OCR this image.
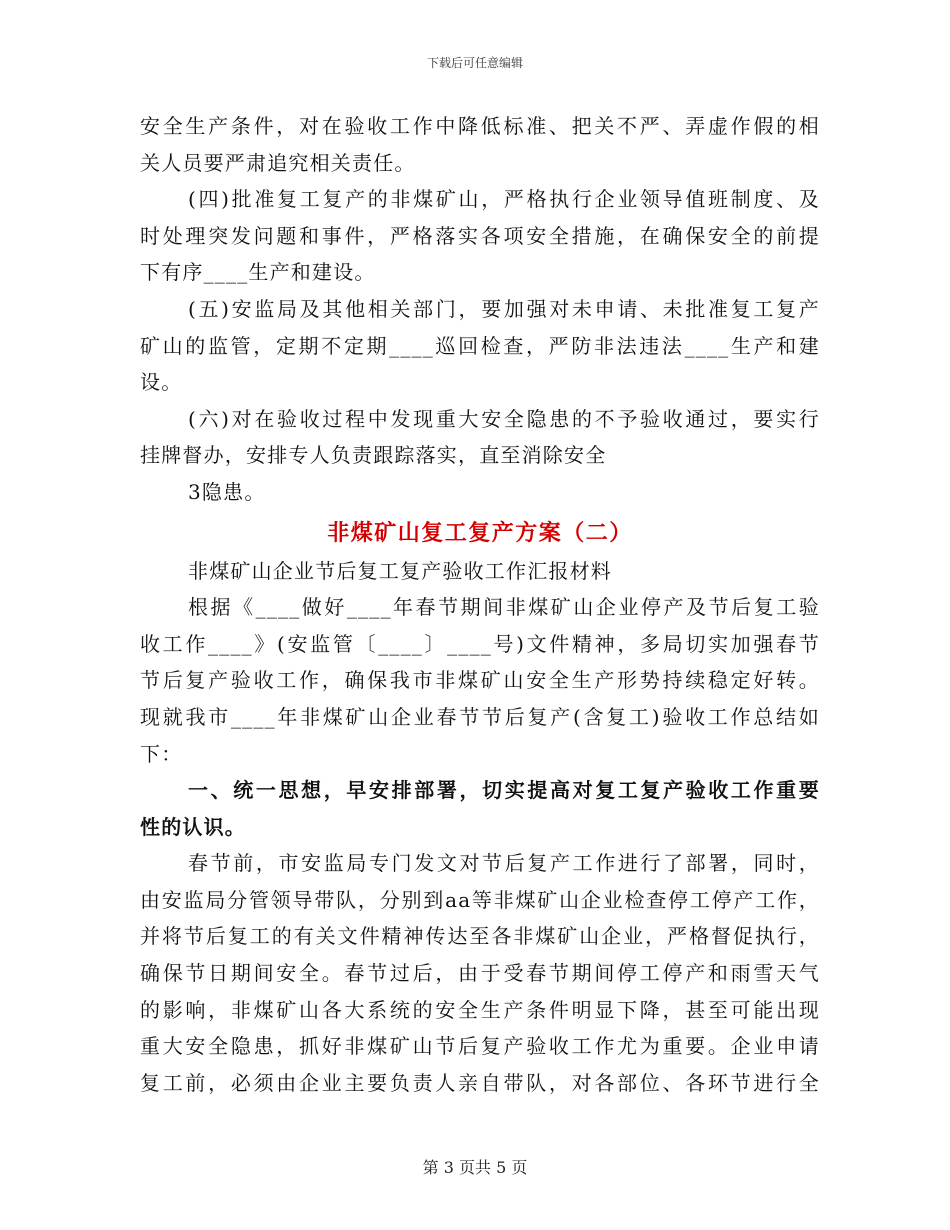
下载后可任意编辑
安全生产条件，对在验收工作中降低标准、把关不严、弄虚作假的相
关人员要严肃追究相关责任。
(四)批准复工复产的非煤矿山，严格执行企业领导值班制度、及
时处理突发问题和事件，严格落实各项安全措施，在确保安全的前提
下有序____生产和建设。
(五)安监局及其他相关部门，要加强对未申请、未批准复工复产
矿山的监管，定期不定期____巡回检查，严防非法违法____生产和建
设。
(六)对在验收过程中发现重大安全隐患的不予验收通过，要实行
挂牌督办，安排专人负责跟踪落实，直至消除安全
3隐患。
非煤矿山复工复产方案（二）
非煤矿山企业节后复工复产验收工作汇报材料
根据《____做好____年春节期间非煤矿山企业停产及节后复工验
收工作____》(安监管〔____〕____号)文件精神，多局切实加强春节
节后复产验收工作，确保我市非煤矿山安全生产形势持续稳定好转。
现就我市____年非煤矿山企业春节节后复产(含复工)验收工作总结如
下：
一、统一思想，早安排部署，切实提高对复工复产验收工作重要
性的认识。
春节前，市安监局专门发文对节后复产工作进行了部署，同时，
由安监局分管领导带队，分别到aa等非煤矿山企业检查停工停产工作，
并将节后复工的有关文件精神传达至各非煤矿山企业，严格督促执行，
确保节日期间安全。春节过后，由于受春节期间停工停产和雨雪天气
的影响，非煤矿山各大系统的安全生产条件明显下降，甚至可能出现
重大安全隐患，抓好非煤矿山节后复产验收工作尤为重要。企业申请
复工前，必须由企业主要负责人亲自带队，对各部位、各环节进行全
第 3 页共 5 页
